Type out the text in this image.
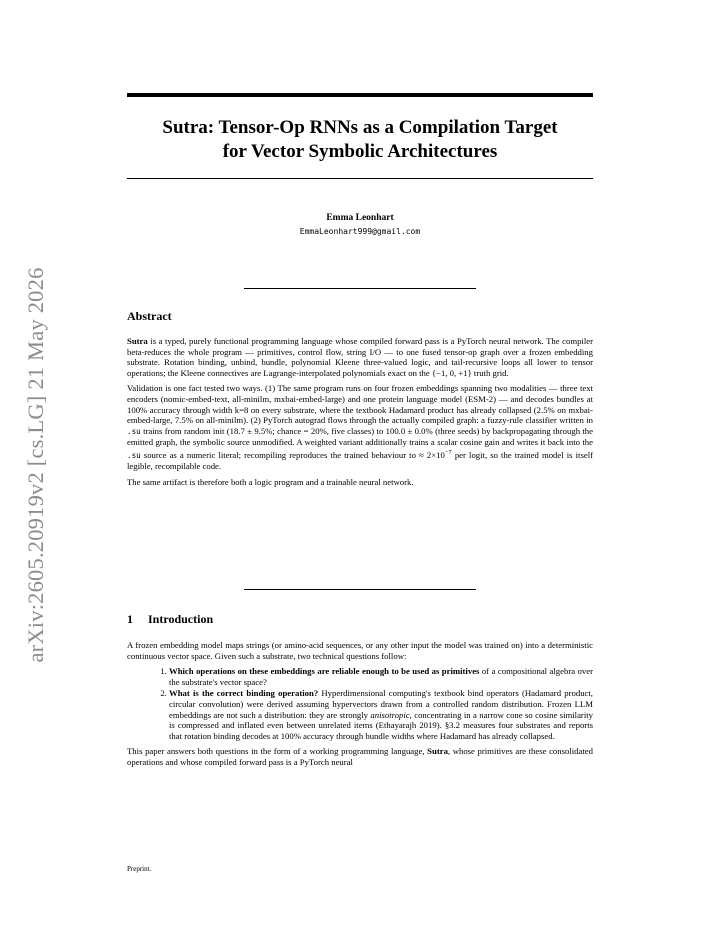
arXiv:2605.20919v2 [cs.LG] 21 May 2026
Sutra: Tensor-Op RNNs as a Compilation Target
for Vector Symbolic Architectures
Emma Leonhart
EmmaLeonhart999@gmail.com
Abstract

Sutra is a typed, purely functional programming language whose compiled forward pass is a PyTorch neural network. The compiler beta-reduces the whole program — primitives, control flow, string I/O — to one fused tensor-op graph over a frozen embedding substrate. Rotation binding, unbind, bundle, polynomial Kleene three-valued logic, and tail-recursive loops all lower to tensor operations; the Kleene connectives are Lagrange-interpolated polynomials exact on the {−1, 0, +1} truth grid.

Validation is one fact tested two ways. (1) The same program runs on four frozen embeddings spanning two modalities — three text encoders (nomic-embed-text, all-minilm, mxbai-embed-large) and one protein language model (ESM-2) — and decodes bundles at 100% accuracy through width k=8 on every substrate, where the textbook Hadamard product has already collapsed (2.5% on mxbai-embed-large, 7.5% on all-minilm). (2) PyTorch autograd flows through the actually compiled graph: a fuzzy-rule classifier written in .su trains from random init (18.7 ± 9.5%; chance = 20%, five classes) to 100.0 ± 0.0% (three seeds) by backpropagating through the emitted graph, the symbolic source unmodified. A weighted variant additionally trains a scalar cosine gain and writes it back into the .su source as a numeric literal; recompiling reproduces the trained behaviour to ≈ $2\times 10^{-7}$ per logit, so the trained model is itself legible, recompilable code.

The same artifact is therefore both a logic program and a trainable neural network.

1 Introduction

A frozen embedding model maps strings (or amino-acid sequences, or any other input the model was trained on) into a deterministic continuous vector space. Given such a substrate, two technical questions follow:

1. Which operations on these embeddings are reliable enough to be used as primitives of a compositional algebra over the substrate's vector space?
2. What is the correct binding operation? Hyperdimensional computing's textbook bind operators (Hadamard product, circular convolution) were derived assuming hypervectors drawn from a controlled random distribution. Frozen LLM embeddings are not such a distribution: they are strongly anisotropic, concentrating in a narrow cone so cosine similarity is compressed and inflated even between unrelated items (Ethayarajh 2019). §3.2 measures four substrates and reports that rotation binding decodes at 100% accuracy through bundle widths where Hadamard has already collapsed.

This paper answers both questions in the form of a working programming language, Sutra, whose primitives are these consolidated operations and whose compiled forward pass is a PyTorch neural

Preprint.
